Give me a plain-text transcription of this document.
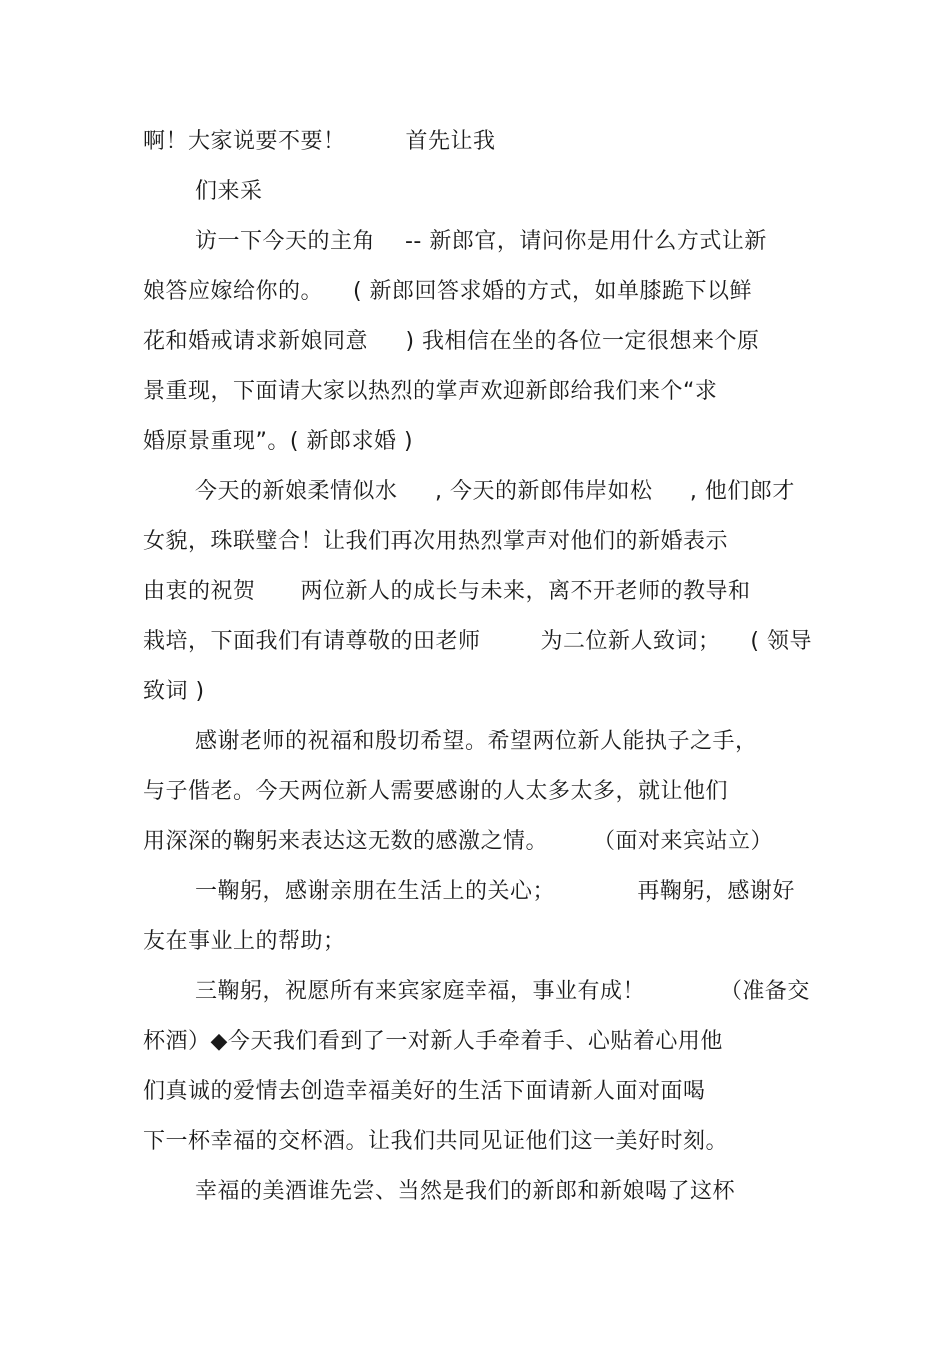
啊！大家说要不要！        首先让我
们来采
访一下今天的主角    -- 新郎官，请问你是用什么方式让新
娘答应嫁给你的。    ( 新郎回答求婚的方式，如单膝跪下以鲜
花和婚戒请求新娘同意     ) 我相信在坐的各位一定很想来个原
景重现，下面请大家以热烈的掌声欢迎新郎给我们来个“求
婚原景重现”。( 新郎求婚 )
今天的新娘柔情似水     , 今天的新郎伟岸如松     , 他们郎才
女貌，珠联璧合！让我们再次用热烈掌声对他们的新婚表示
由衷的祝贺      两位新人的成长与未来，离不开老师的教导和
栽培，下面我们有请尊敬的田老师        为二位新人致词；    ( 领导
致词 )
感谢老师的祝福和殷切希望。希望两位新人能执子之手，
与子偕老。今天两位新人需要感谢的人太多太多，就让他们
用深深的鞠躬来表达这无数的感激之情。      （面对来宾站立）
一鞠躬，感谢亲朋在生活上的关心；           再鞠躬，感谢好
友在事业上的帮助；
三鞠躬，祝愿所有来宾家庭幸福，事业有成！          （准备交
杯酒）◆今天我们看到了一对新人手牵着手、心贴着心用他
们真诚的爱情去创造幸福美好的生活下面请新人面对面喝
下一杯幸福的交杯酒。让我们共同见证他们这一美好时刻。
幸福的美酒谁先尝、当然是我们的新郎和新娘喝了这杯
